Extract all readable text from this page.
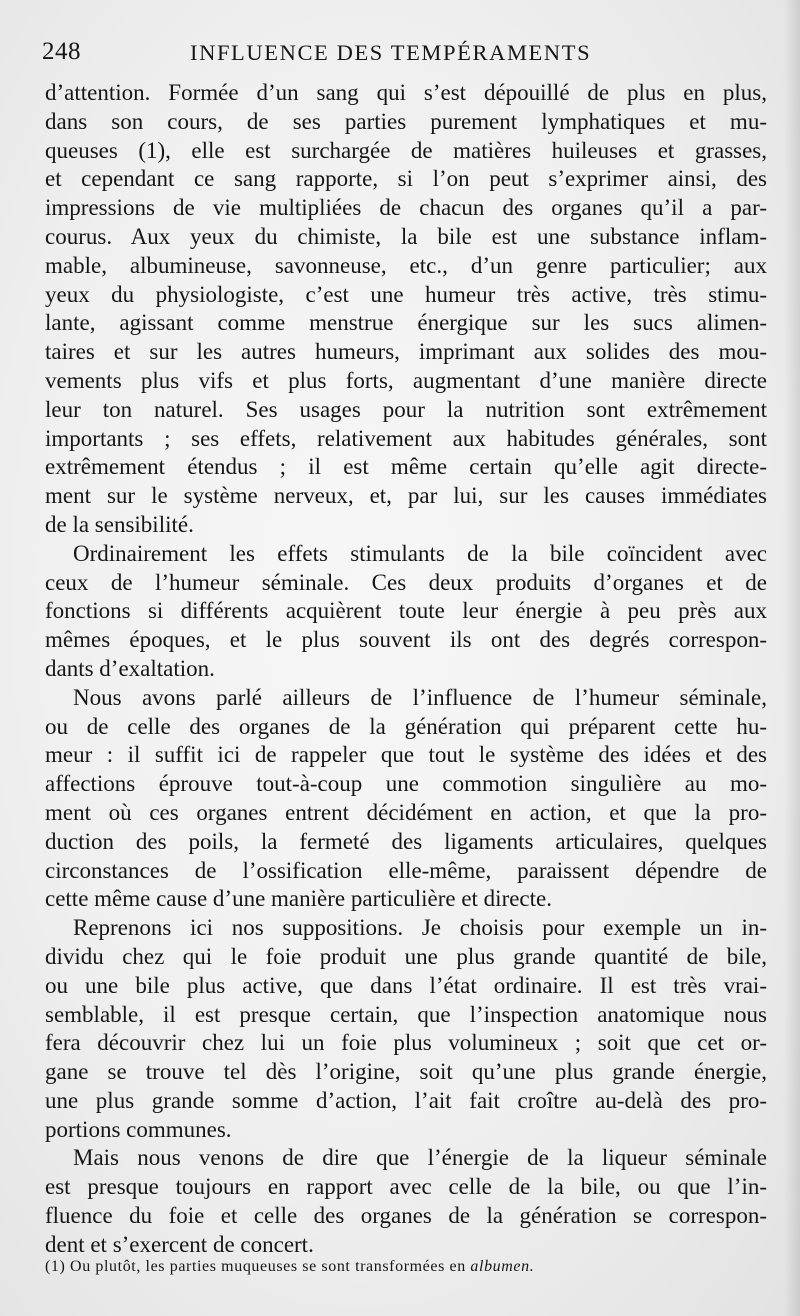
248	INFLUENCE DES TEMPÉRAMENTS
d’attention. Formée d’un sang qui s’est dépouillé de plus en plus,
dans son cours, de ses parties purement lymphatiques et mu-
queuses (1), elle est surchargée de matières huileuses et grasses,
et cependant ce sang rapporte, si l’on peut s’exprimer ainsi, des
impressions de vie multipliées de chacun des organes qu’il a par-
courus. Aux yeux du chimiste, la bile est une substance inflam-
mable, albumineuse, savonneuse, etc., d’un genre particulier; aux
yeux du physiologiste, c’est une humeur très active, très stimu-
lante, agissant comme menstrue énergique sur les sucs alimen-
taires et sur les autres humeurs, imprimant aux solides des mou-
vements plus vifs et plus forts, augmentant d’une manière directe
leur ton naturel. Ses usages pour la nutrition sont extrêmement
importants ; ses effets, relativement aux habitudes générales, sont
extrêmement étendus ; il est même certain qu’elle agit directe-
ment sur le système nerveux, et, par lui, sur les causes immédiates
de la sensibilité.
Ordinairement les effets stimulants de la bile coïncident avec
ceux de l’humeur séminale. Ces deux produits d’organes et de
fonctions si différents acquièrent toute leur énergie à peu près aux
mêmes époques, et le plus souvent ils ont des degrés correspon-
dants d’exaltation.
Nous avons parlé ailleurs de l’influence de l’humeur séminale,
ou de celle des organes de la génération qui préparent cette hu-
meur : il suffit ici de rappeler que tout le système des idées et des
affections éprouve tout-à-coup une commotion singulière au mo-
ment où ces organes entrent décidément en action, et que la pro-
duction des poils, la fermeté des ligaments articulaires, quelques
circonstances de l’ossification elle-même, paraissent dépendre de
cette même cause d’une manière particulière et directe.
Reprenons ici nos suppositions. Je choisis pour exemple un in-
dividu chez qui le foie produit une plus grande quantité de bile,
ou une bile plus active, que dans l’état ordinaire. Il est très vrai-
semblable, il est presque certain, que l’inspection anatomique nous
fera découvrir chez lui un foie plus volumineux ; soit que cet or-
gane se trouve tel dès l’origine, soit qu’une plus grande énergie,
une plus grande somme d’action, l’ait fait croître au-delà des pro-
portions communes.
Mais nous venons de dire que l’énergie de la liqueur séminale
est presque toujours en rapport avec celle de la bile, ou que l’in-
fluence du foie et celle des organes de la génération se correspon-
dent et s’exercent de concert.
(1) Ou plutôt, les parties muqueuses se sont transformées en albumen.
